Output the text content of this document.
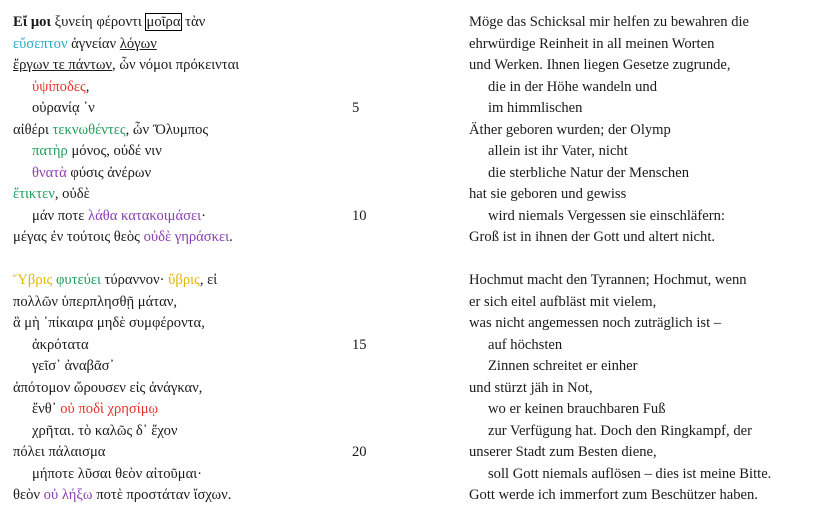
Εἴ μοι ξυνείη φέροντι μοῖρα τὰν
εὔσεπτον ἁγνείαν λόγων
ἔργων τε πάντων, ὧν νόμοι πρόκεινται
ὑψίποδες,
οὐρανίᾳ ᾽ν
αἰθέρι τεκνωθέντες, ὧν Ὄλυμπος
πατὴρ μόνος, οὐδέ νιν
θνατὰ φύσις ἀνέρων
ἔτικτεν, οὐδὲ
μάν ποτε λάθα κατακοιμάσει·
μέγας ἐν τούτοις θεὸς οὐδὲ γηράσκει.
Ὕβρις φυτεύει τύραννον· ὕβρις, εἰ
πολλῶν ὑπερπλησθῇ μάταν,
ἃ μὴ ᾽πίκαιρα μηδὲ συμφέροντα,
ἀκρότατα
γεῖσ᾽ ἀναβᾶσ᾽
ἀπότομον ὤρουσεν εἰς ἀνάγκαν,
ἔνθ᾽ οὐ ποδὶ χρησίμῳ
χρῆται. τὸ καλῶς δ᾽ ἔχον
πόλει πάλαισμα
μήποτε λῦσαι θεὸν αἰτοῦμαι·
θεὸν οὐ λήξω ποτὲ προστάταν ἴσχων.
5
10
15
20
Möge das Schicksal mir helfen zu bewahren die
ehrwürdige Reinheit in all meinen Worten
und Werken. Ihnen liegen Gesetze zugrunde,
die in der Höhe wandeln und
im himmlischen
Äther geboren wurden; der Olymp
allein ist ihr Vater, nicht
die sterbliche Natur der Menschen
hat sie geboren und gewiss
wird niemals Vergessen sie einschläfern:
Groß ist in ihnen der Gott und altert nicht.
Hochmut macht den Tyrannen; Hochmut, wenn
er sich eitel aufbläst mit vielem,
was nicht angemessen noch zuträglich ist –
auf höchsten
Zinnen schreitet er einher
und stürzt jäh in Not,
wo er keinen brauchbaren Fuß
zur Verfügung hat. Doch den Ringkampf, der
unserer Stadt zum Besten diene,
soll Gott niemals auflösen – dies ist meine Bitte.
Gott werde ich immerfort zum Beschützer haben.
